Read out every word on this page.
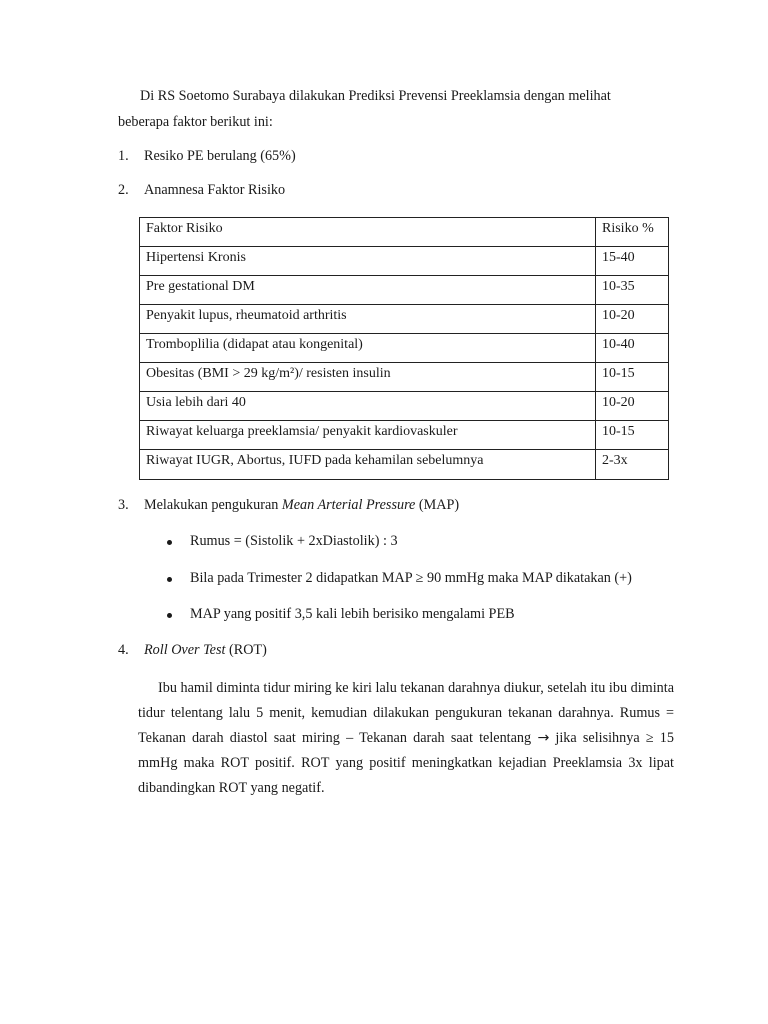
Di RS Soetomo Surabaya dilakukan Prediksi Prevensi Preeklamsia dengan melihat
beberapa faktor berikut ini:
1. Resiko PE berulang (65%)
2. Anamnesa Faktor Risiko
Faktor Risiko	Risiko %
Hipertensi Kronis	15-40
Pre gestational DM	10-35
Penyakit lupus, rheumatoid arthritis	10-20
Tromboplilia (didapat atau kongenital)	10-40
Obesitas (BMI > 29 kg/m²)/ resisten insulin	10-15
Usia lebih dari 40	10-20
Riwayat keluarga preeklamsia/ penyakit kardiovaskuler	10-15
Riwayat IUGR, Abortus, IUFD pada kehamilan sebelumnya	2-3x
3. Melakukan pengukuran Mean Arterial Pressure (MAP)
Rumus = (Sistolik + 2xDiastolik) : 3
Bila pada Trimester 2 didapatkan MAP ≥ 90 mmHg maka MAP dikatakan (+)
MAP yang positif 3,5 kali lebih berisiko mengalami PEB
4. Roll Over Test (ROT)

Ibu hamil diminta tidur miring ke kiri lalu tekanan darahnya diukur, setelah itu ibu diminta tidur telentang lalu 5 menit, kemudian dilakukan pengukuran tekanan darahnya. Rumus = Tekanan darah diastol saat miring – Tekanan darah saat telentang → jika selisihnya ≥ 15 mmHg maka ROT positif. ROT yang positif meningkatkan kejadian Preeklamsia 3x lipat dibandingkan ROT yang negatif.
